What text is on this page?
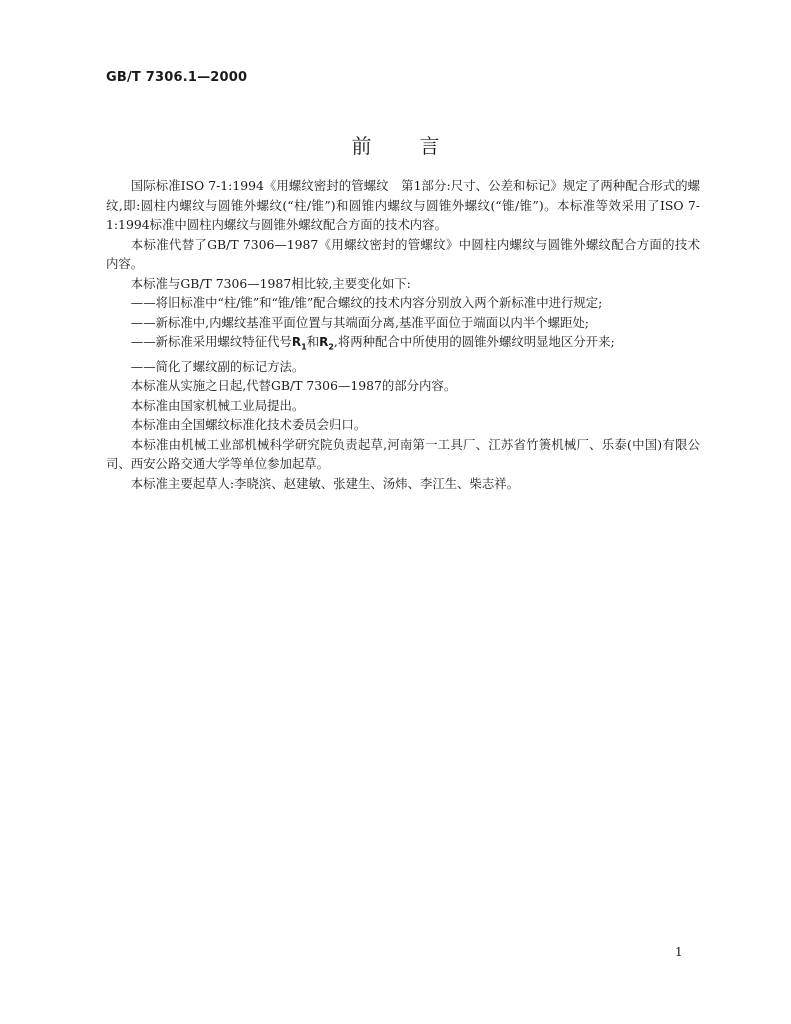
GB/T 7306.1—2000
前言

国际标准ISO 7-1:1994《用螺纹密封的管螺纹　第1部分:尺寸、公差和标记》规定了两种配合形式的螺纹,即:圆柱内螺纹与圆锥外螺纹(“柱/锥”)和圆锥内螺纹与圆锥外螺纹(“锥/锥”)。本标准等效采用了ISO 7-1:1994标准中圆柱内螺纹与圆锥外螺纹配合方面的技术内容。

本标准代替了GB/T 7306—1987《用螺纹密封的管螺纹》中圆柱内螺纹与圆锥外螺纹配合方面的技术内容。

本标准与GB/T 7306—1987相比较,主要变化如下:

——将旧标准中“柱/锥”和“锥/锥”配合螺纹的技术内容分别放入两个新标准中进行规定;

——新标准中,内螺纹基准平面位置与其端面分离,基准平面位于端面以内半个螺距处;

——新标准采用螺纹特征代号$R_1$和$R_2$,将两种配合中所使用的圆锥外螺纹明显地区分开来;

——简化了螺纹副的标记方法。

本标准从实施之日起,代替GB/T 7306—1987的部分内容。

本标准由国家机械工业局提出。

本标准由全国螺纹标准化技术委员会归口。

本标准由机械工业部机械科学研究院负责起草,河南第一工具厂、江苏省竹箦机械厂、乐泰(中国)有限公司、西安公路交通大学等单位参加起草。

本标准主要起草人:李晓滨、赵建敏、张建生、汤炜、李江生、柴志祥。

1
